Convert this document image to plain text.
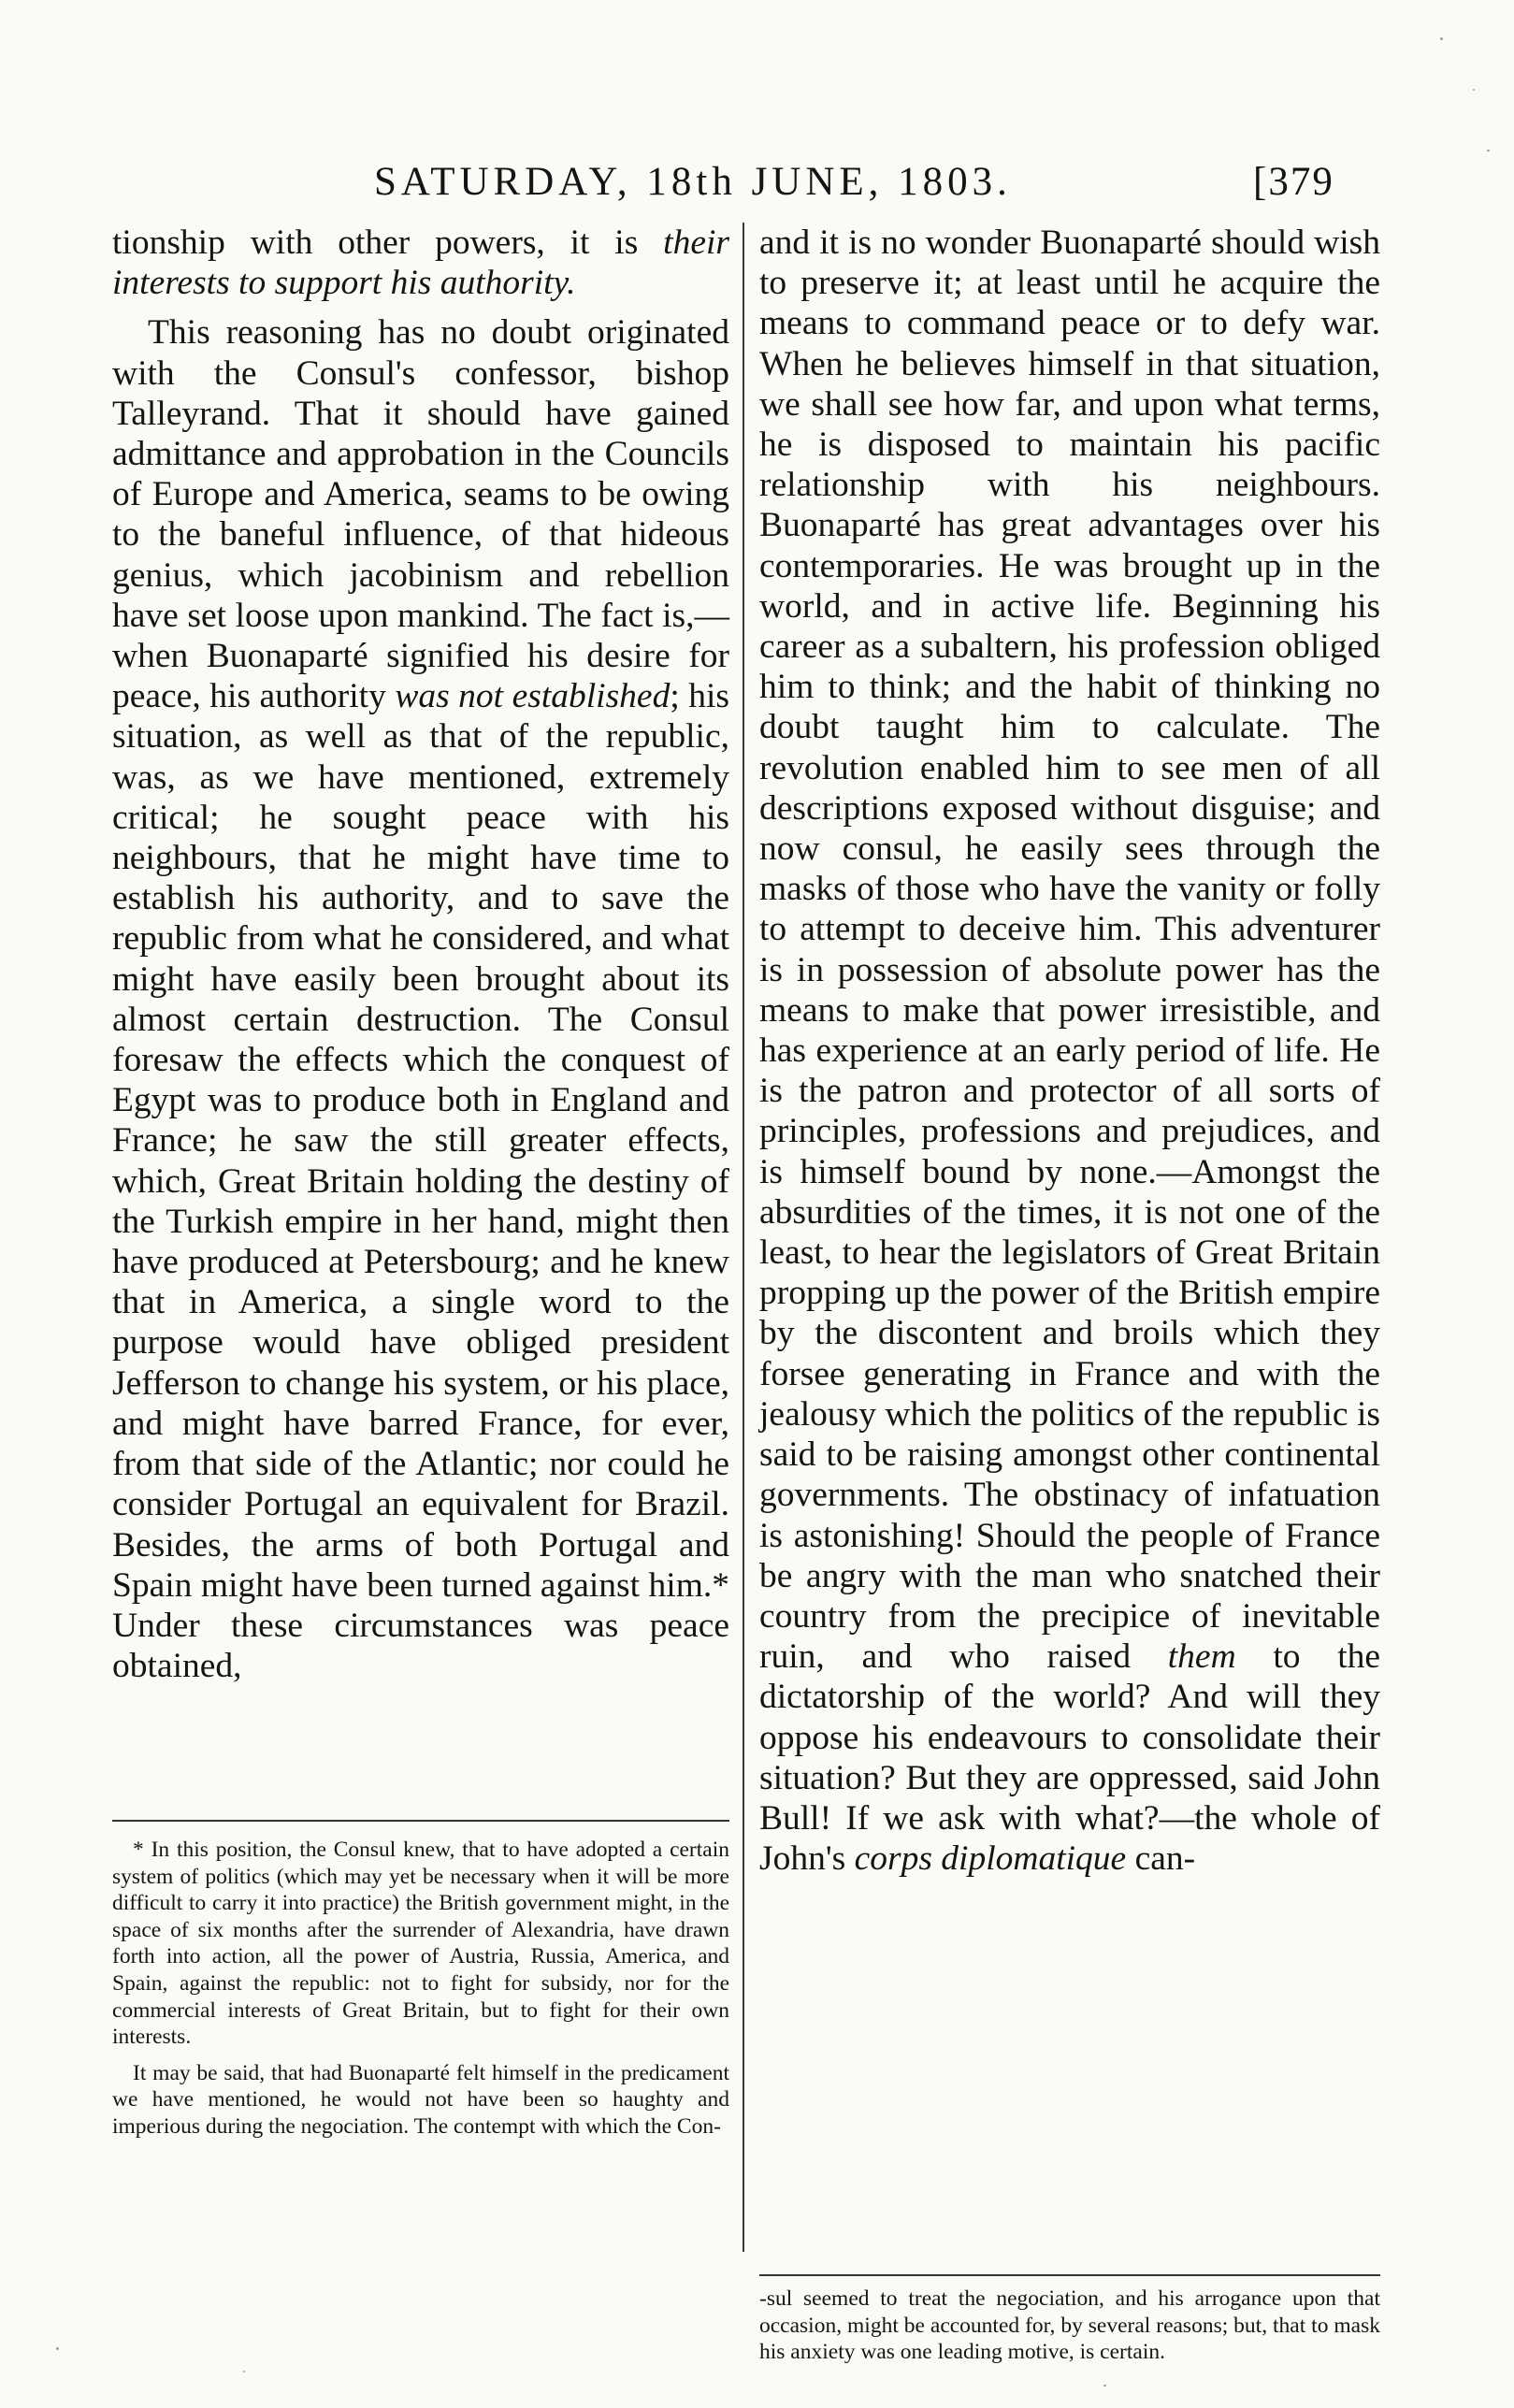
SATURDAY, 18th JUNE, 1803.	[379

tionship with other powers, it is their interests to support his authority.

This reasoning has no doubt originated with the Consul's confessor, bishop Talleyrand. That it should have gained admittance and approbation in the Councils of Europe and America, seams to be owing to the baneful influence, of that hideous genius, which jacobinism and rebellion have set loose upon mankind. The fact is,—when Buonaparté signified his desire for peace, his authority was not established; his situation, as well as that of the republic, was, as we have mentioned, extremely critical; he sought peace with his neighbours, that he might have time to establish his authority, and to save the republic from what he considered, and what might have easily been brought about its almost certain destruction. The Consul foresaw the effects which the conquest of Egypt was to produce both in England and France; he saw the still greater effects, which, Great Britain holding the destiny of the Turkish empire in her hand, might then have produced at Petersbourg; and he knew that in America, a single word to the purpose would have obliged president Jefferson to change his system, or his place, and might have barred France, for ever, from that side of the Atlantic; nor could he consider Portugal an equivalent for Brazil. Besides, the arms of both Portugal and Spain might have been turned against him.* Under these circumstances was peace obtained,

and it is no wonder Buonaparté should wish to preserve it; at least until he acquire the means to command peace or to defy war. When he believes himself in that situation, we shall see how far, and upon what terms, he is disposed to maintain his pacific relationship with his neighbours. Buonaparté has great advantages over his contemporaries. He was brought up in the world, and in active life. Beginning his career as a subaltern, his profession obliged him to think; and the habit of thinking no doubt taught him to calculate. The revolution enabled him to see men of all descriptions exposed without disguise; and now consul, he easily sees through the masks of those who have the vanity or folly to attempt to deceive him. This adventurer is in possession of absolute power has the means to make that power irresistible, and has experience at an early period of life. He is the patron and protector of all sorts of principles, professions and prejudices, and is himself bound by none.—Amongst the absurdities of the times, it is not one of the least, to hear the legislators of Great Britain propping up the power of the British empire by the discontent and broils which they forsee generating in France and with the jealousy which the politics of the republic is said to be raising amongst other continental governments. The obstinacy of infatuation is astonishing! Should the people of France be angry with the man who snatched their country from the precipice of inevitable ruin, and who raised them to the dictatorship of the world? And will they oppose his endeavours to consolidate their situation? But they are oppressed, said John Bull! If we ask with what?—the whole of John's corps diplomatique can-

* In this position, the Consul knew, that to have adopted a certain system of politics (which may yet be necessary when it will be more difficult to carry it into practice) the British government might, in the space of six months after the surrender of Alexandria, have drawn forth into action, all the power of Austria, Russia, America, and Spain, against the republic: not to fight for subsidy, nor for the commercial interests of Great Britain, but to fight for their own interests.

It may be said, that had Buonaparté felt himself in the predicament we have mentioned, he would not have been so haughty and imperious during the negociation. The contempt with which the Con-

-sul seemed to treat the negociation, and his arrogance upon that occasion, might be accounted for, by several reasons; but, that to mask his anxiety was one leading motive, is certain.
